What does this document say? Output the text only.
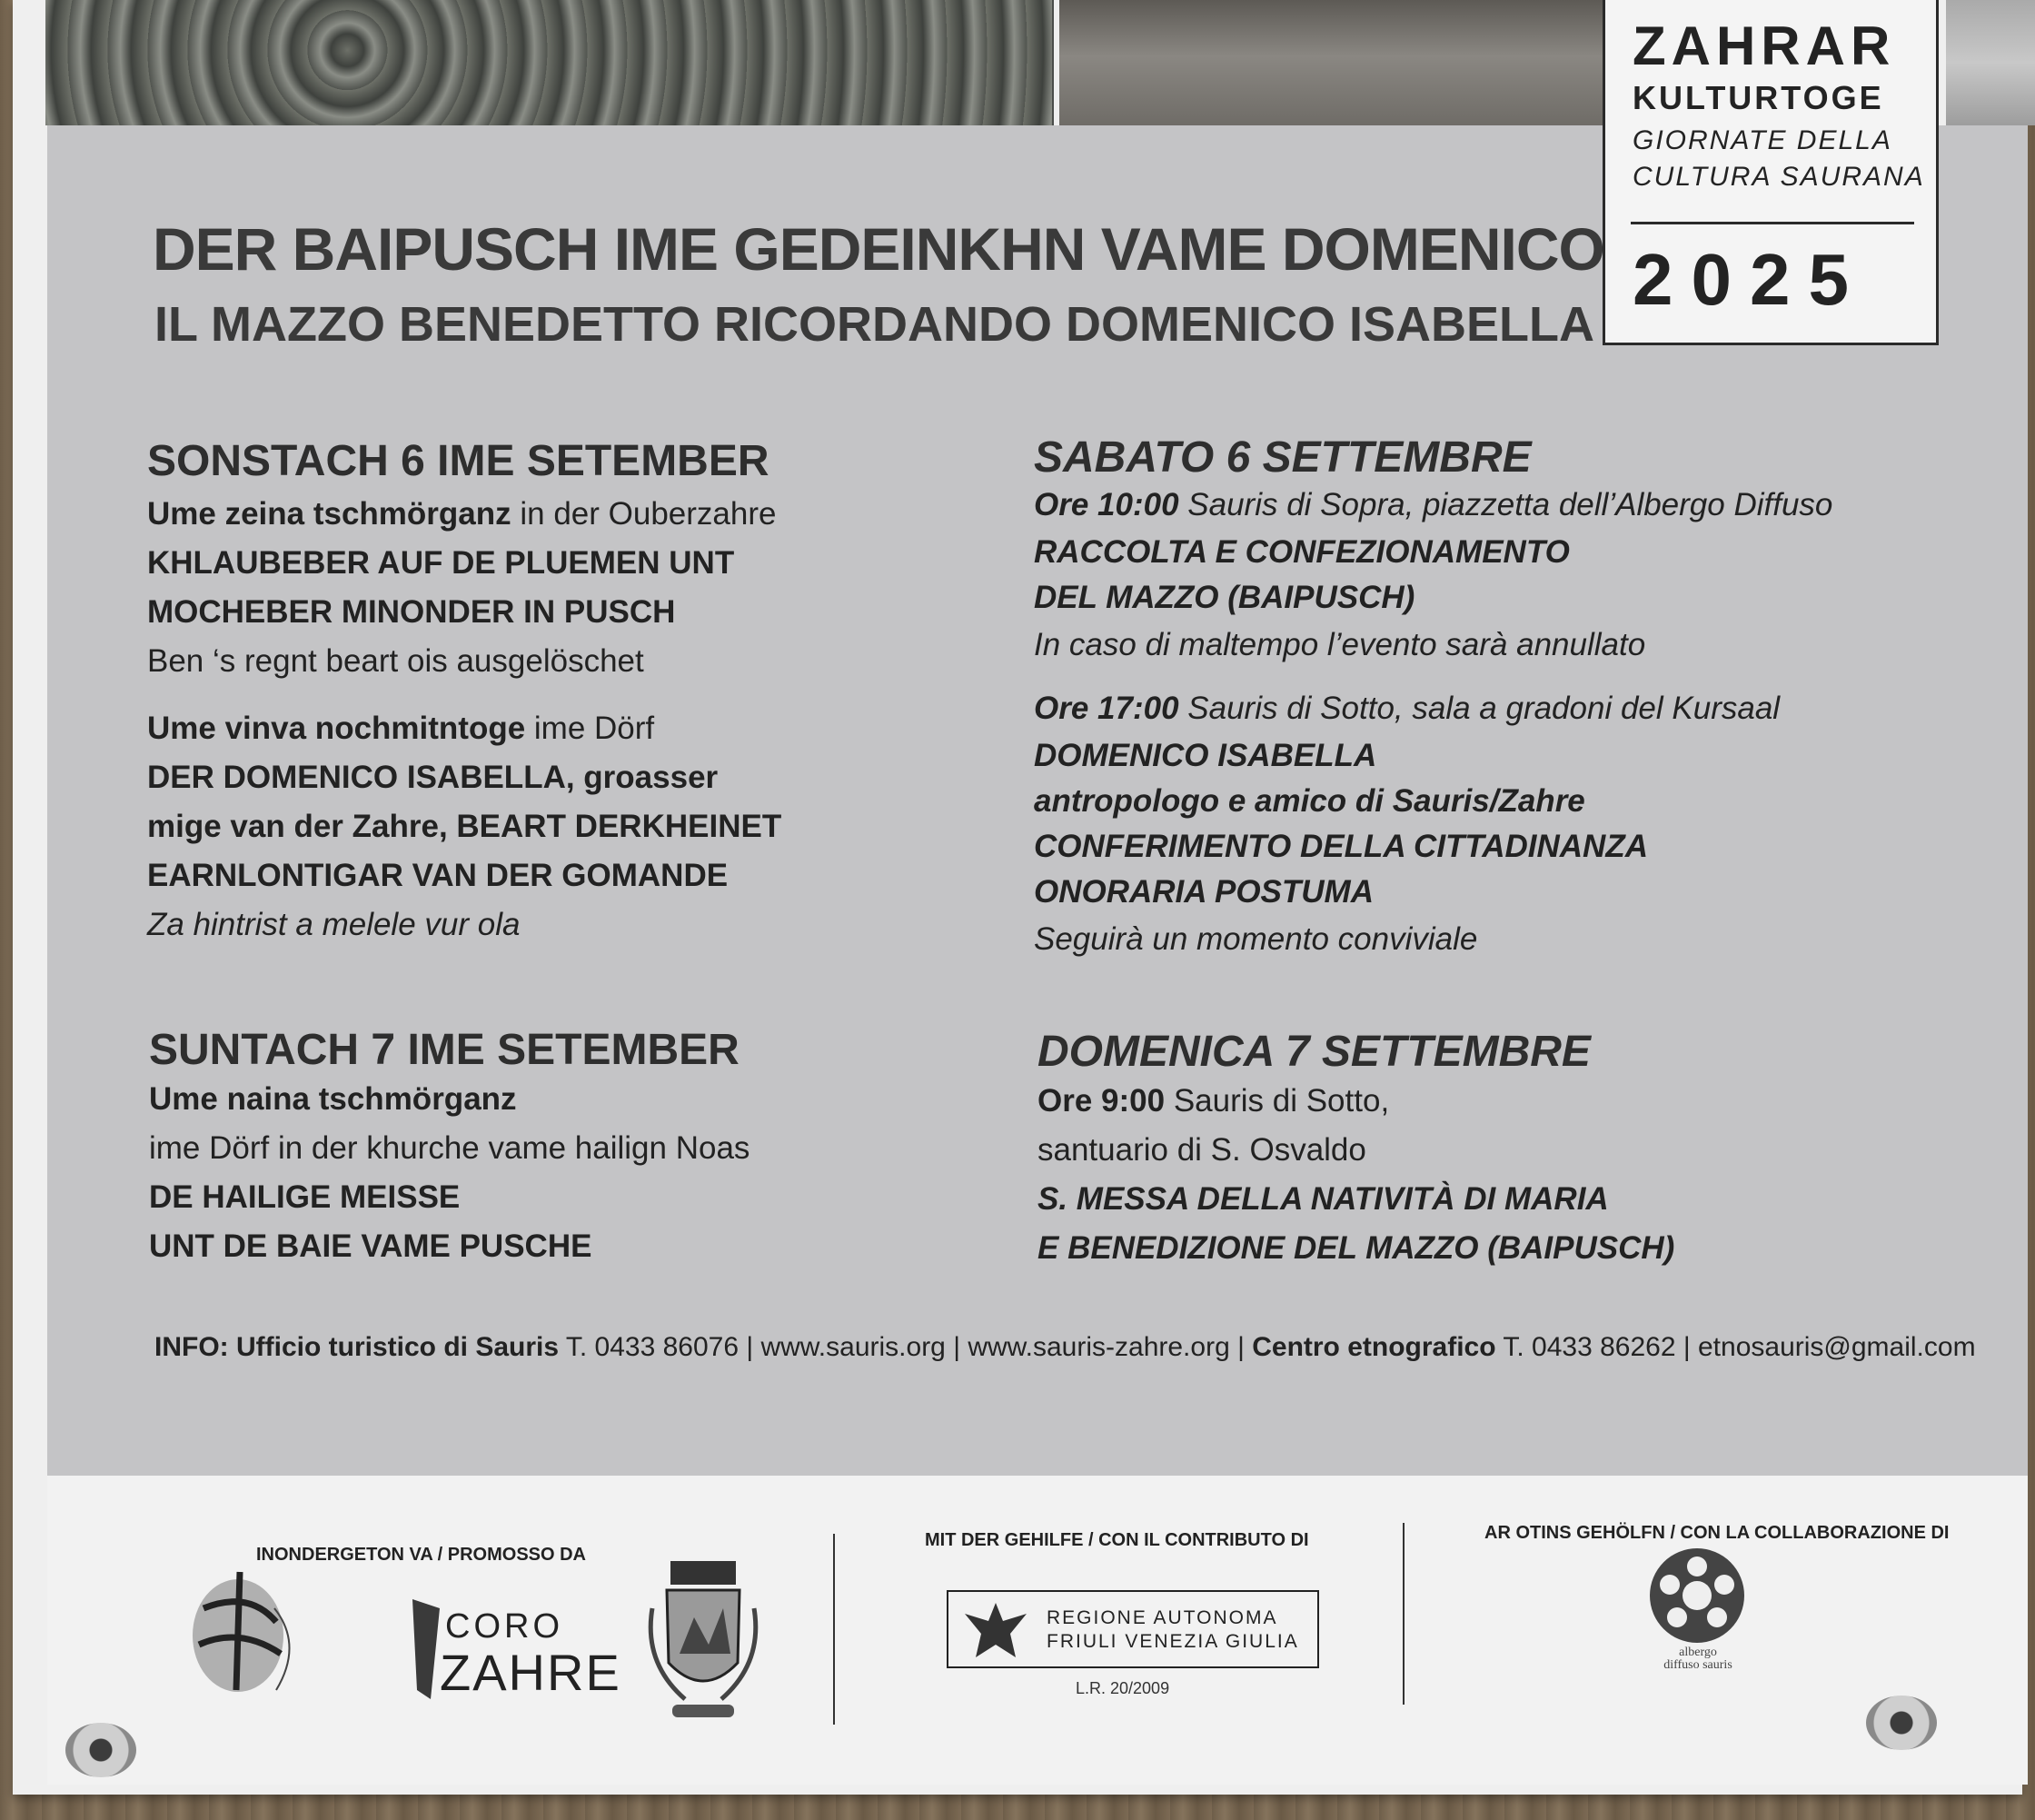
ZAHRAR
KULTURTOGE
GIORNATE DELLA
CULTURA SAURANA
2025
DER BAIPUSCH IME GEDEINKHN VAME DOMENICO
IL MAZZO BENEDETTO RICORDANDO DOMENICO ISABELLA
SONSTACH 6 IME SETEMBER
Ume zeina tschmörganz in der Ouberzahre
KHLAUBEBER AUF DE PLUEMEN UNT
MOCHEBER MINONDER IN PUSCH
Ben ‘s regnt beart ois ausgelöschet
Ume vinva nochmitntoge ime Dörf
DER DOMENICO ISABELLA, groasser
mige van der Zahre, BEART DERKHEINET
EARNLONTIGAR VAN DER GOMANDE
Za hintrist a melele vur ola
SUNTACH 7 IME SETEMBER
Ume naina tschmörganz
ime Dörf in der khurche vame hailign Noas
DE HAILIGE MEISSE
UNT DE BAIE VAME PUSCHE
SABATO 6 SETTEMBRE
Ore 10:00 Sauris di Sopra, piazzetta dell’Albergo Diffuso
RACCOLTA E CONFEZIONAMENTO
DEL MAZZO (BAIPUSCH)
In caso di maltempo l’evento sarà annullato
Ore 17:00 Sauris di Sotto, sala a gradoni del Kursaal
DOMENICO ISABELLA
antropologo e amico di Sauris/Zahre
CONFERIMENTO DELLA CITTADINANZA
ONORARIA POSTUMA
Seguirà un momento conviviale
DOMENICA 7 SETTEMBRE
Ore 9:00 Sauris di Sotto,
santuario di S. Osvaldo
S. MESSA DELLA NATIVITÀ DI MARIA
E BENEDIZIONE DEL MAZZO (BAIPUSCH)
INFO: Ufficio turistico di Sauris T. 0433 86076 | www.sauris.org | www.sauris-zahre.org | Centro etnografico T. 0433 86262 | etnosauris@gmail.com
INONDERGETON VA / PROMOSSO DA
CORO
ZAHRE
MIT DER GEHILFE / CON IL CONTRIBUTO DI
REGIONE AUTONOMA
FRIULI VENEZIA GIULIA
L.R. 20/2009
AR OTINS GEHÖLFN / CON LA COLLABORAZIONE DI
albergo
diffuso sauris
